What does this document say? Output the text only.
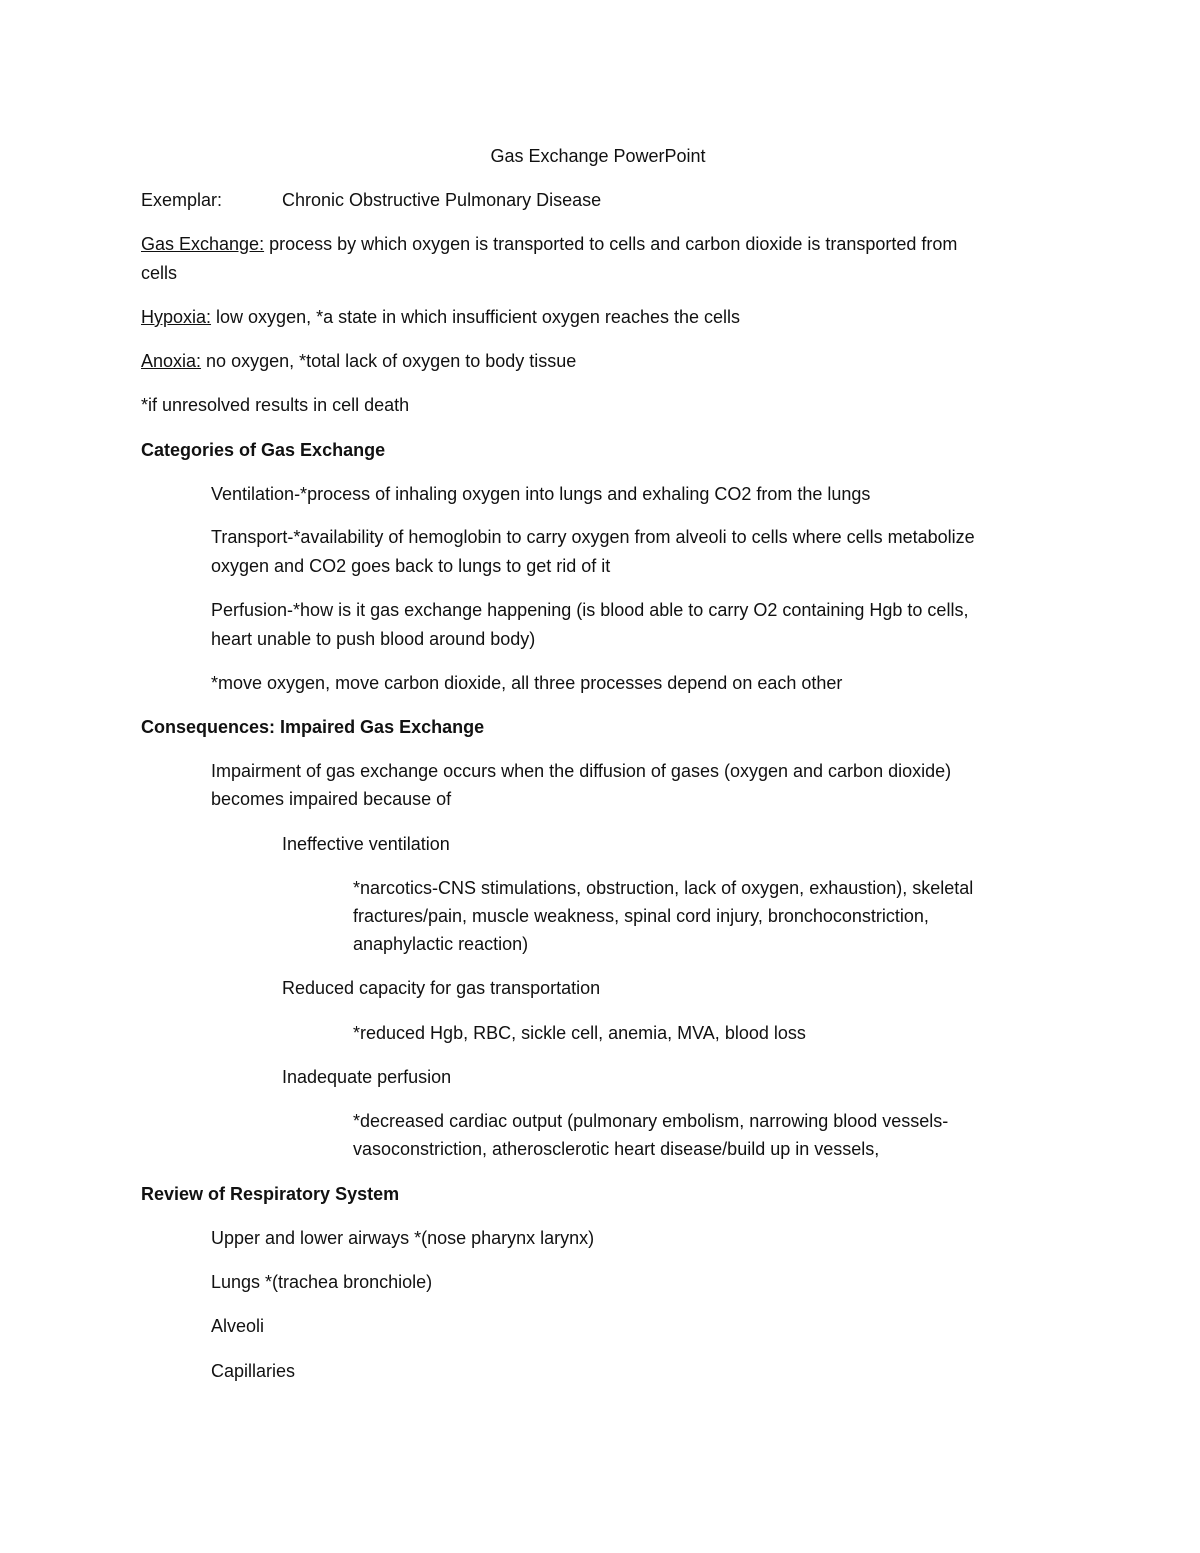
Gas Exchange PowerPoint
Exemplar:	Chronic Obstructive Pulmonary Disease
Gas Exchange: process by which oxygen is transported to cells and carbon dioxide is transported from
cells
Hypoxia: low oxygen, *a state in which insufficient oxygen reaches the cells
Anoxia: no oxygen, *total lack of oxygen to body tissue
*if unresolved results in cell death
Categories of Gas Exchange
Ventilation-*process of inhaling oxygen into lungs and exhaling CO2 from the lungs
Transport-*availability of hemoglobin to carry oxygen from alveoli to cells where cells metabolize
oxygen and CO2 goes back to lungs to get rid of it
Perfusion-*how is it gas exchange happening (is blood able to carry O2 containing Hgb to cells,
heart unable to push blood around body)
*move oxygen, move carbon dioxide, all three processes depend on each other
Consequences: Impaired Gas Exchange
Impairment of gas exchange occurs when the diffusion of gases (oxygen and carbon dioxide)
becomes impaired because of
Ineffective ventilation
*narcotics-CNS stimulations, obstruction, lack of oxygen, exhaustion), skeletal
fractures/pain, muscle weakness, spinal cord injury, bronchoconstriction,
anaphylactic reaction)
Reduced capacity for gas transportation
*reduced Hgb, RBC, sickle cell, anemia, MVA, blood loss
Inadequate perfusion
*decreased cardiac output (pulmonary embolism, narrowing blood vessels-
vasoconstriction, atherosclerotic heart disease/build up in vessels,
Review of Respiratory System
Upper and lower airways *(nose pharynx larynx)
Lungs *(trachea bronchiole)
Alveoli
Capillaries
